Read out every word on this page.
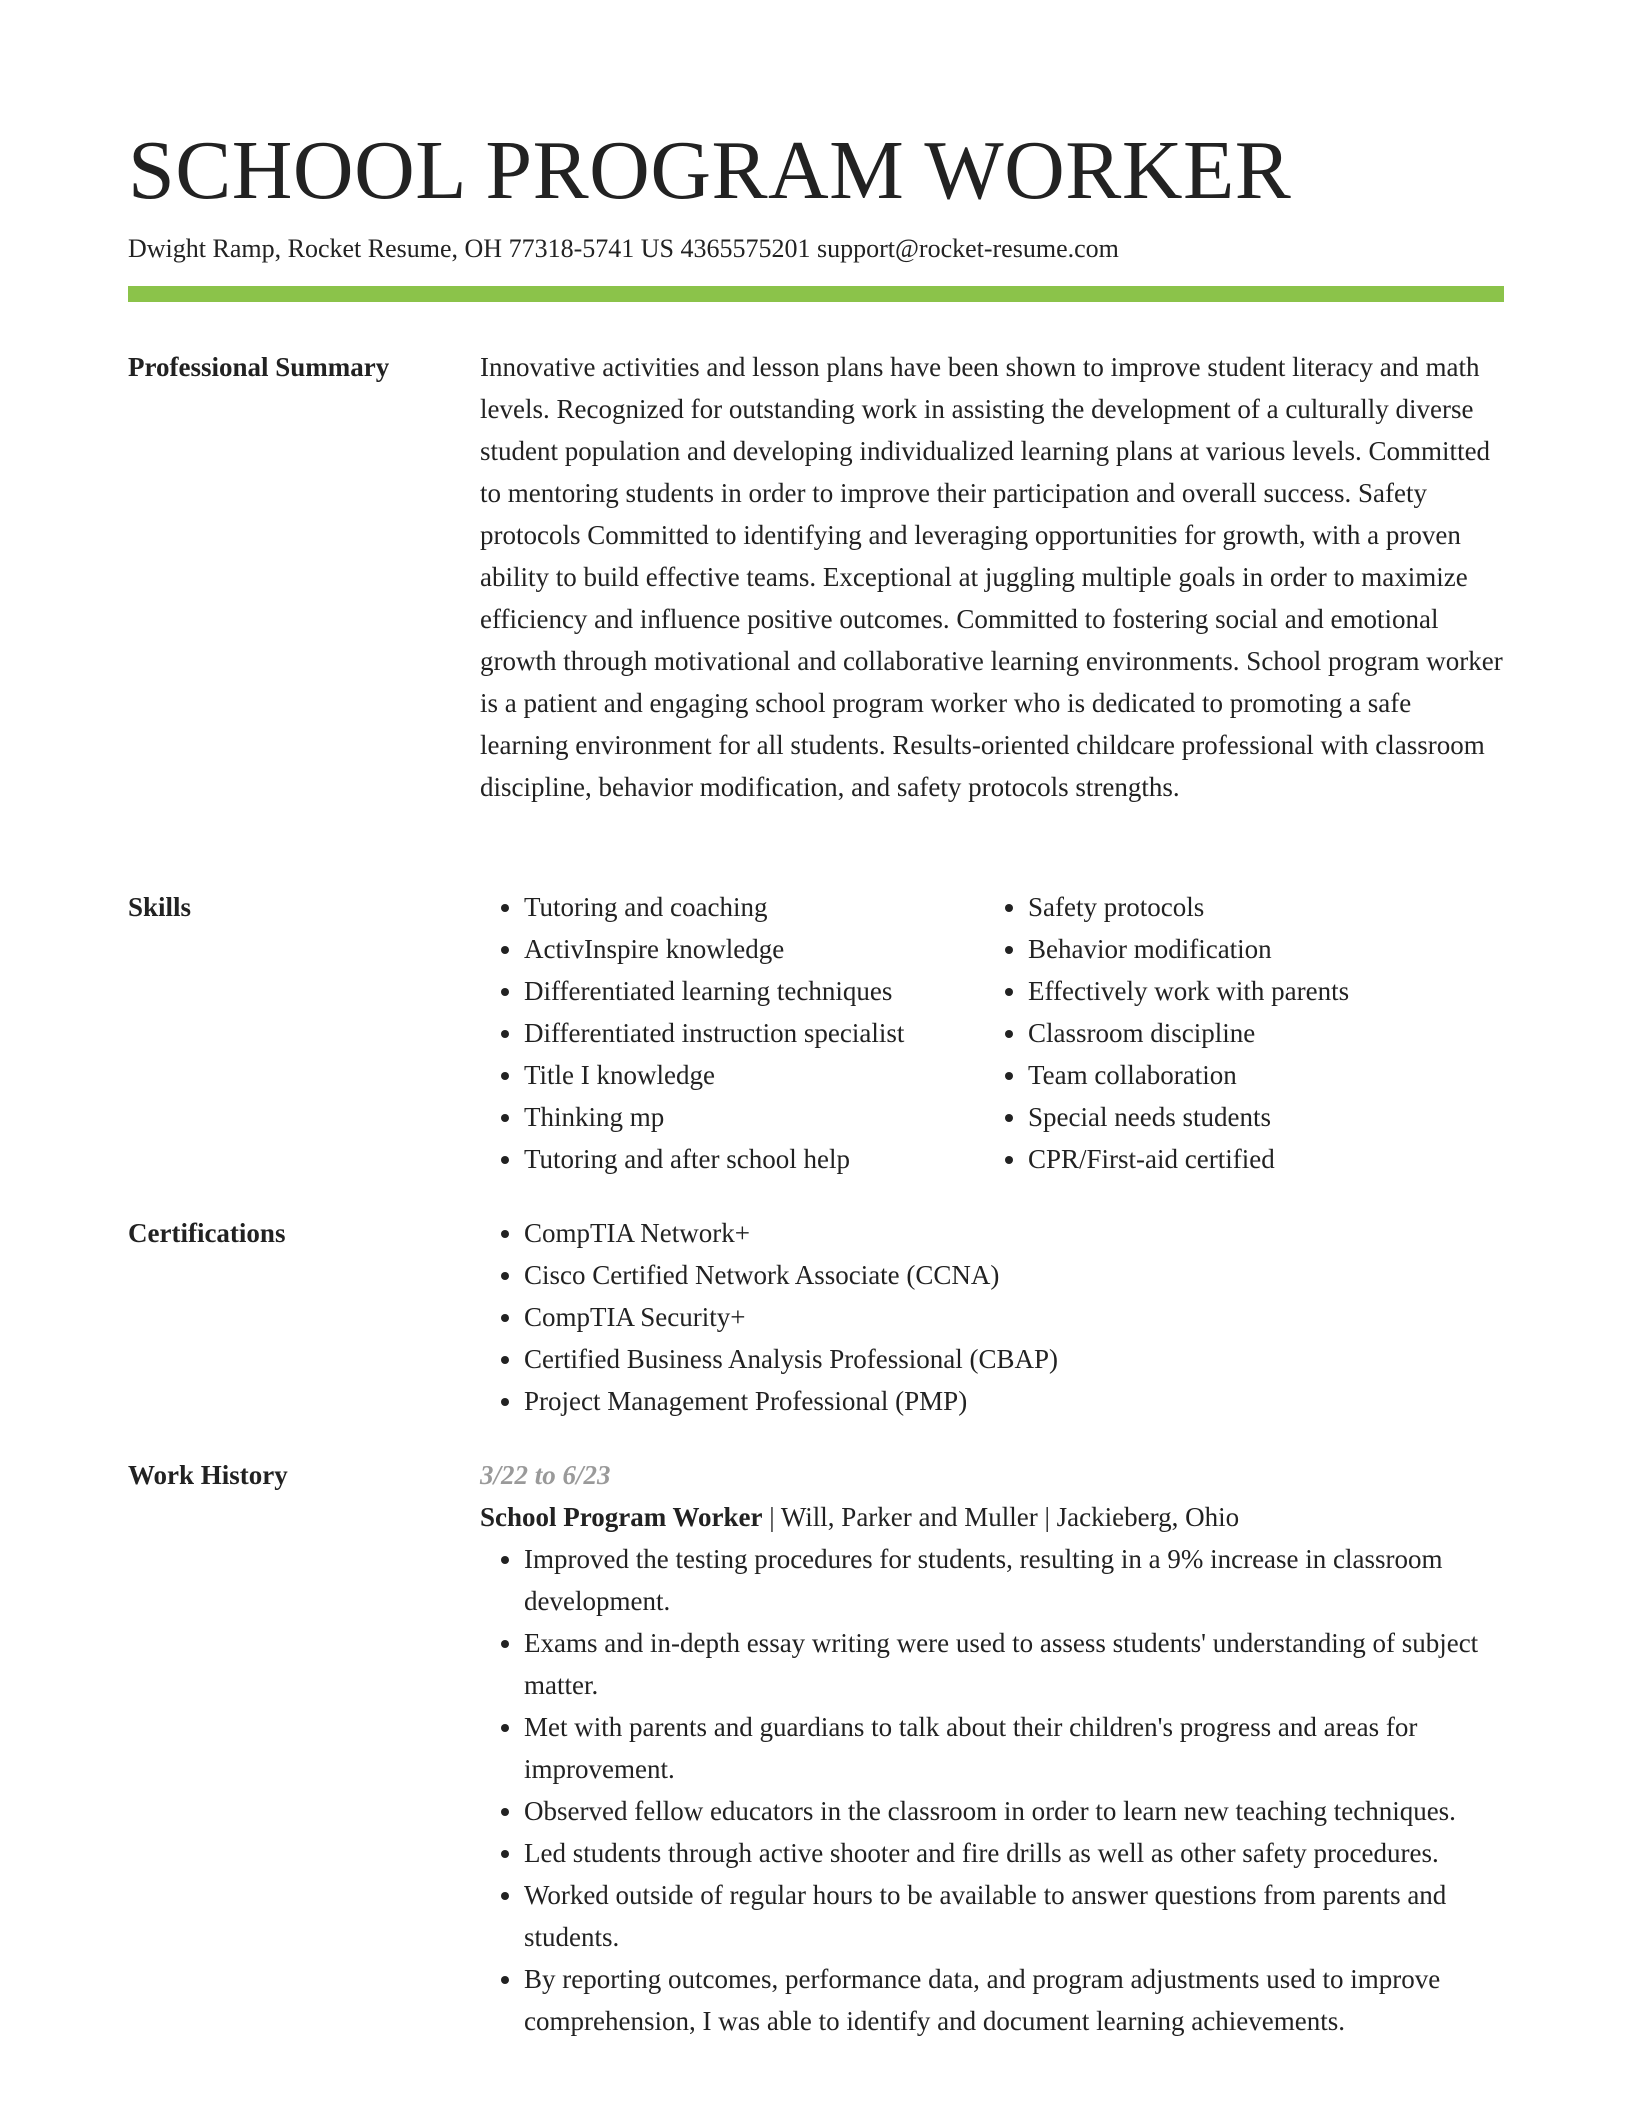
SCHOOL PROGRAM WORKER
Dwight Ramp, Rocket Resume, OH 77318-5741 US 4365575201 support@rocket-resume.com
Professional Summary	Innovative activities and lesson plans have been shown to improve student literacy and math levels. Recognized for outstanding work in assisting the development of a culturally diverse student population and developing individualized learning plans at various levels. Committed to mentoring students in order to improve their participation and overall success. Safety protocols Committed to identifying and leveraging opportunities for growth, with a proven ability to build effective teams. Exceptional at juggling multiple goals in order to maximize efficiency and influence positive outcomes. Committed to fostering social and emotional growth through motivational and collaborative learning environments. School program worker is a patient and engaging school program worker who is dedicated to promoting a safe learning environment for all students. Results-oriented childcare professional with classroom discipline, behavior modification, and safety protocols strengths.

Skills	• Tutoring and coaching
• ActivInspire knowledge
• Differentiated learning techniques
• Differentiated instruction specialist
• Title I knowledge
• Thinking mp
• Tutoring and after school help
• Safety protocols
• Behavior modification
• Effectively work with parents
• Classroom discipline
• Team collaboration
• Special needs students
• CPR/First-aid certified
Certifications	• CompTIA Network+
• Cisco Certified Network Associate (CCNA)
• CompTIA Security+
• Certified Business Analysis Professional (CBAP)
• Project Management Professional (PMP)
Work History	3/22 to 6/23
School Program Worker | Will, Parker and Muller | Jackieberg, Ohio
• Improved the testing procedures for students, resulting in a 9% increase in classroom development.
• Exams and in-depth essay writing were used to assess students' understanding of subject matter.
• Met with parents and guardians to talk about their children's progress and areas for improvement.
• Observed fellow educators in the classroom in order to learn new teaching techniques.
• Led students through active shooter and fire drills as well as other safety procedures.
• Worked outside of regular hours to be available to answer questions from parents and students.
• By reporting outcomes, performance data, and program adjustments used to improve comprehension, I was able to identify and document learning achievements.
